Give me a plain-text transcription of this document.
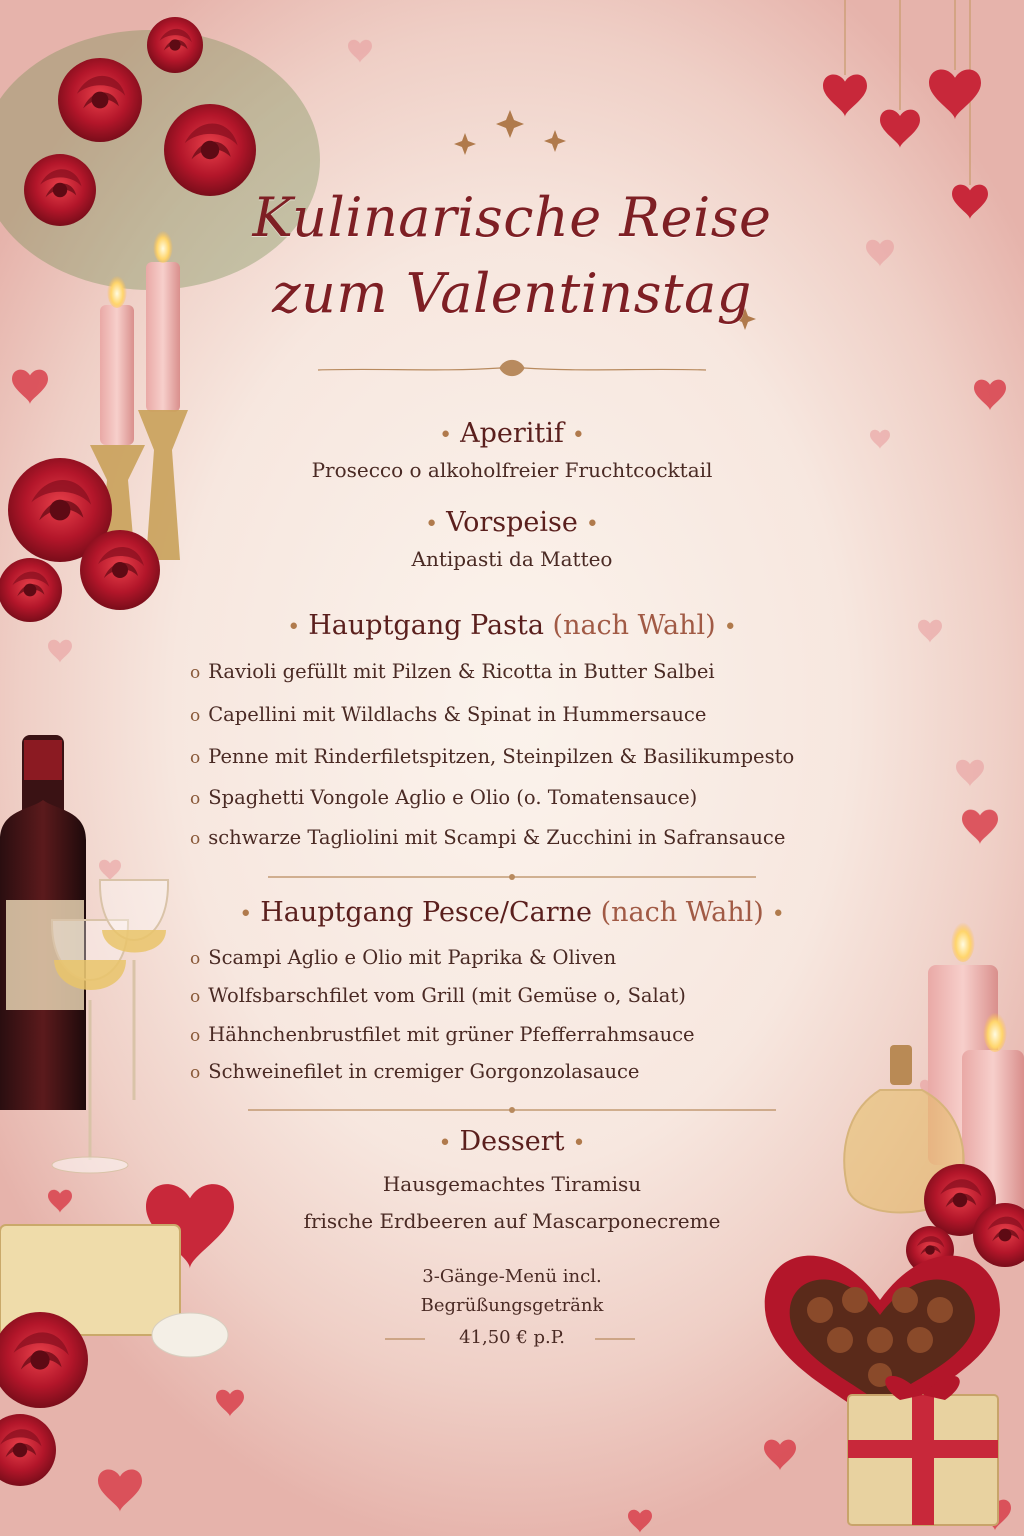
Kulinarische Reise
zum Valentinstag
• Aperitif •
Prosecco o alkoholfreier Fruchtcocktail
• Vorspeise •
Antipasti da Matteo
• Hauptgang Pasta (nach Wahl) •
o Ravioli gefüllt mit Pilzen & Ricotta in Butter Salbei
o Capellini mit Wildlachs & Spinat in Hummersauce
o Penne mit Rinderfiletspitzen, Steinpilzen & Basilikumpesto
o Spaghetti Vongole Aglio e Olio (o. Tomatensauce)
o schwarze Tagliolini mit Scampi & Zucchini in Safransauce
• Hauptgang Pesce/Carne (nach Wahl) •
o Scampi Aglio e Olio mit Paprika & Oliven
o Wolfsbarschfilet vom Grill (mit Gemüse o, Salat)
o Hähnchenbrustfilet mit grüner Pfefferrahmsauce
o Schweinefilet in cremiger Gorgonzolasauce
• Dessert •
Hausgemachtes Tiramisu
frische Erdbeeren auf Mascarponecreme
3-Gänge-Menü incl.
Begrüßungsgetränk
41,50 € p.P.
